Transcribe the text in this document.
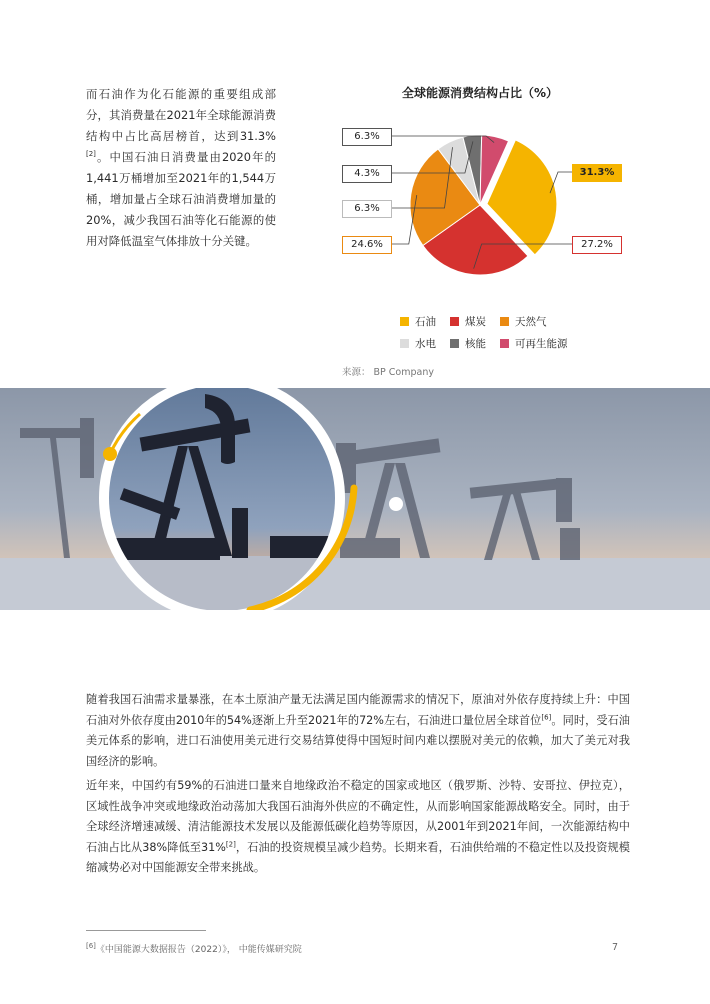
而石油作为化石能源的重要组成部分，其消费量在2021年全球能源消费结构中占比高居榜首，达到31.3%[2]。中国石油日消费量由2020年的1,441万桶增加至2021年的1,544万桶，增加量占全球石油消费增加量的20%，减少我国石油等化石能源的使用对降低温室气体排放十分关键。

全球能源消费结构占比（%）
6.3%
4.3%
6.3%
24.6%
31.3%
27.2%
石油	煤炭	天然气
水电	核能	可再生能源
来源： BP Company

随着我国石油需求量暴涨，在本土原油产量无法满足国内能源需求的情况下，原油对外依存度持续上升：中国石油对外依存度由2010年的54%逐渐上升至2021年的72%左右，石油进口量位居全球首位[6]。同时，受石油美元体系的影响，进口石油使用美元进行交易结算使得中国短时间内难以摆脱对美元的依赖，加大了美元对我国经济的影响。

近年来，中国约有59%的石油进口量来自地缘政治不稳定的国家或地区（俄罗斯、沙特、安哥拉、伊拉克），区域性战争冲突或地缘政治动荡加大我国石油海外供应的不确定性，从而影响国家能源战略安全。同时，由于全球经济增速减缓、清洁能源技术发展以及能源低碳化趋势等原因，从2001年到2021年间，一次能源结构中石油占比从38%降低至31%[2]，石油的投资规模呈减少趋势。长期来看，石油供给端的不稳定性以及投资规模缩减势必对中国能源安全带来挑战。

[6]《中国能源大数据报告（2022）》， 中能传媒研究院	7
